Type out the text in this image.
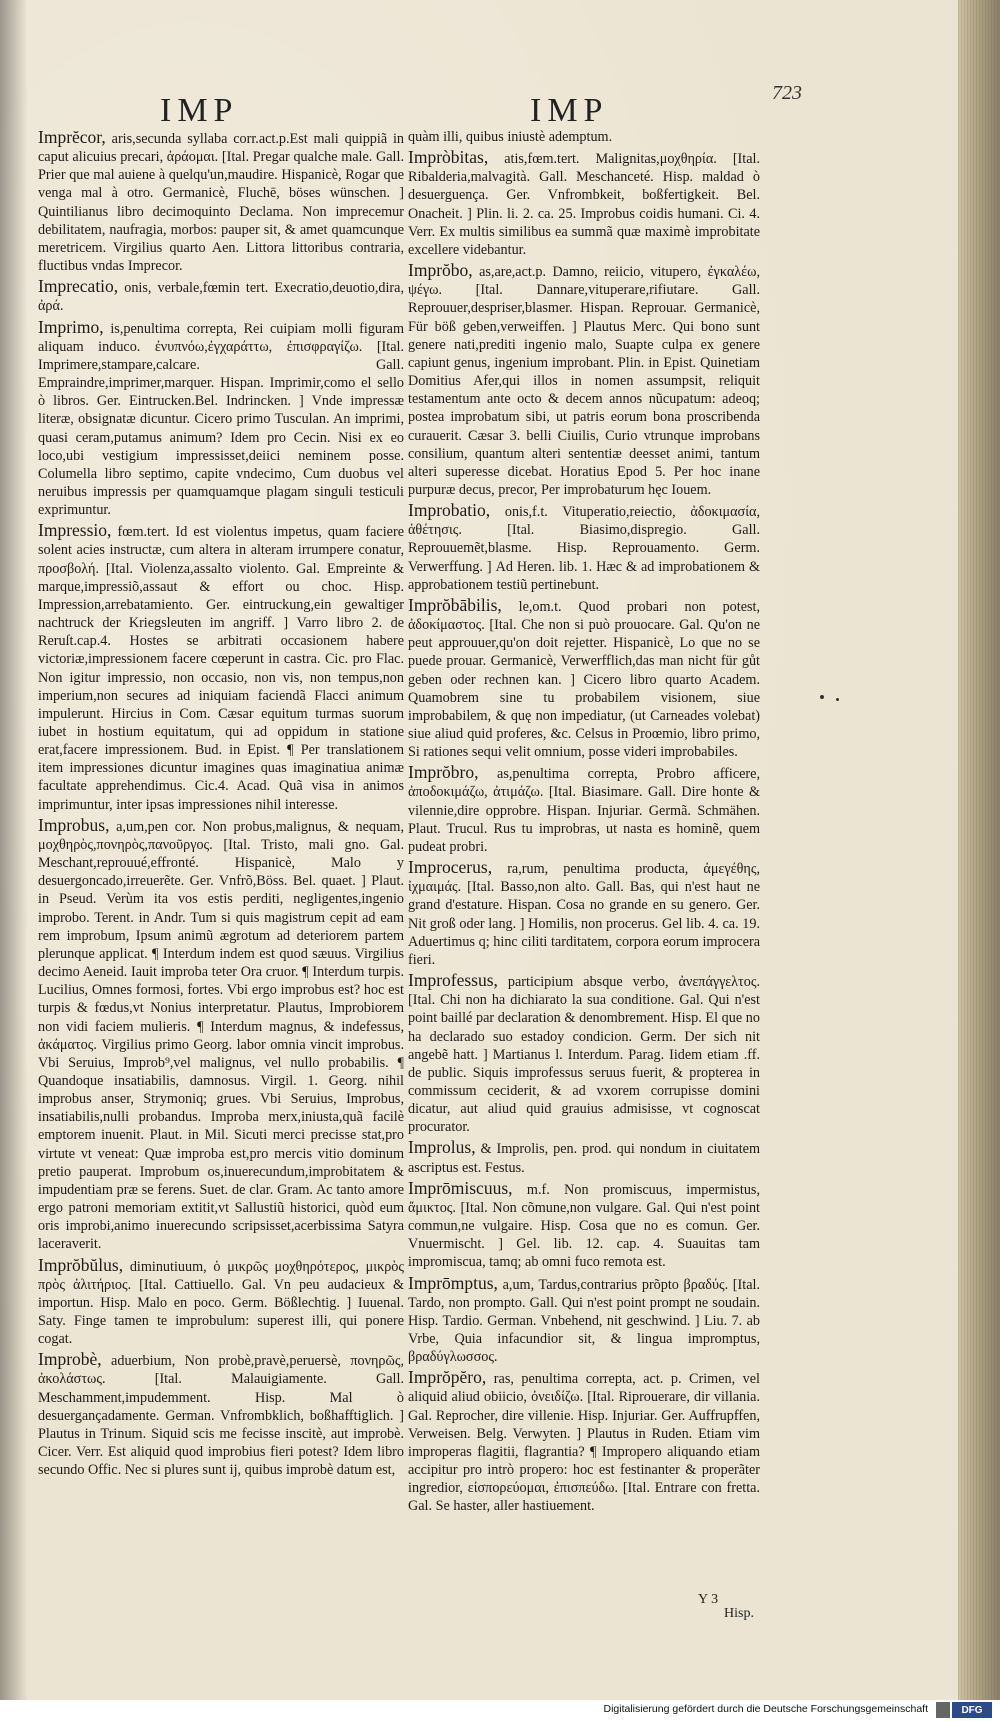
IMP	IMP	723

Imprĕcor, aris,secunda syllaba corr.act.p.Est mali quippiã in caput alicuius precari, ἀράομαι. [Ital. Pregar qualche male. Gall. Prier que mal auiene à quelqu'un,maudire. Hispanicè, Rogar que venga mal à otro. Germanicè, Fluchē, böses wünschen. ] Quintilianus libro decimoquinto Declama. Non imprecemur debilitatem, naufragia, morbos: pauper sit, & amet quamcunque meretricem. Virgilius quarto Aen. Littora littoribus contraria, fluctibus vndas Imprecor.

Imprecatio, onis, verbale,fœmin tert. Execratio,deuotio,dira, ἀρά.

Imprimo, is,penultima correpta, Rei cuipiam molli figuram aliquam induco. ἐνυπνόω,ἐγχαράττω, ἐπισφραγίζω. [Ital. Imprimere,stampare,calcare. Gall. Empraindre,imprimer,marquer. Hispan. Imprimir,como el sello ò libros. Ger. Eintrucken.Bel. Indrincken. ] Vnde impressæ literæ, obsignatæ dicuntur. Cicero primo Tusculan. An imprimi, quasi ceram,putamus animum? Idem pro Cecin. Nisi ex eo loco,ubi vestigium impressisset,deiici neminem posse. Columella libro septimo, capite vndecimo, Cum duobus vel neruibus impressis per quamquamque plagam singuli testiculi exprimuntur.

Impressio, fœm.tert. Id est violentus impetus, quam faciere solent acies instructæ, cum altera in alteram irrumpere conatur, προσβολή. [Ital. Violenza,assalto violento. Gal. Empreinte & marque,impressiõ,assaut & effort ou choc. Hisp. Impression,arrebatamiento. Ger. eintruckung,ein gewaltiger nachtruck der Kriegsleuten im angriff. ] Varro libro 2. de Reruſt.cap.4. Hostes se arbitrati occasionem habere victoriæ,impressionem facere cœperunt in castra. Cic. pro Flac. Non igitur impressio, non occasio, non vis, non tempus,non imperium,non secures ad iniquiam faciendã Flacci animum impulerunt. Hircius in Com. Cæsar equitum turmas suorum iubet in hostium equitatum, qui ad oppidum in statione erat,facere impressionem. Bud. in Epist. ¶ Per translationem item impressiones dicuntur imagines quas imaginatiua animæ facultate apprehendimus. Cic.4. Acad. Quã visa in animos imprimuntur, inter ipsas impressiones nihil interesse.

Improbus, a,um,pen cor. Non probus,malignus, & nequam, μοχθηρὸς,πονηρὸς,πανοῦργος. [Ital. Tristo, mali gno. Gal. Meschant,reprouué,effronté. Hispanicè, Malo y desuergoncado,irreuerẽte. Ger. Vnfrõ,Böss. Bel. quaet. ] Plaut. in Pseud. Verùm ita vos estis perditi, negligentes,ingenio improbo. Terent. in Andr. Tum si quis magistrum cepit ad eam rem improbum, Ipsum animũ ægrotum ad deteriorem partem plerunque applicat. ¶ Interdum indem est quod sæuus. Virgilius decimo Aeneid. Iauit improba teter Ora cruor. ¶ Interdum turpis. Lucilius, Omnes formosi, fortes. Vbi ergo improbus est? hoc est turpis & fœdus,vt Nonius interpretatur. Plautus, Improbiorem non vidi faciem mulieris. ¶ Interdum magnus, & indefessus, ἀκάματος. Virgilius primo Georg. labor omnia vincit improbus. Vbi Seruius, Improb⁹,vel malignus, vel nullo probabilis. ¶ Quandoque insatiabilis, damnosus. Virgil. 1. Georg. nihil improbus anser, Strymoniq; grues. Vbi Seruius, Improbus, insatiabilis,nulli probandus. Improba merx,iniusta,quã facilè emptorem inuenit. Plaut. in Mil. Sicuti merci precisse stat,pro virtute vt veneat: Quæ improba est,pro mercis vitio dominum pretio pauperat. Improbum os,inuerecundum,improbitatem & impudentiam præ se ferens. Suet. de clar. Gram. Ac tanto amore ergo patroni memoriam extitit,vt Sallustiũ historici, quòd eum oris improbi,animo inuerecundo scripsisset,acerbissima Satyra laceraverit.

Imprŏbŭlus, diminutiuum, ὁ μικρῶς μοχθηρότερος, μικρὸς πρὸς ἀλιτήριος. [Ital. Cattiuello. Gal. Vn peu audacieux & importun. Hisp. Malo en poco. Germ. Bößlechtig. ] Iuuenal. Saty. Finge tamen te improbulum: superest illi, qui ponere cogat.

Improbè, aduerbium, Non probè,pravè,peruersè, πονηρῶς, ἀκολάστως. [Ital. Malauigiamente. Gall. Meschamment,impudemment. Hisp. Mal ò desuergançadamente. German. Vnfrombklich, boßhafftiglich. ] Plautus in Trinum. Siquid scis me fecisse inscitè, aut improbè. Cicer. Verr. Est aliquid quod improbius fieri potest? Idem libro secundo Offic. Nec si plures sunt ij, quibus improbè datum est,

quàm illi, quibus iniustè ademptum.

Impròbitas, atis,fœm.tert. Malignitas,μοχθηρία. [Ital. Ribalderia,malvagità. Gall. Meschanceté. Hisp. maldad ò desuerguença. Ger. Vnfrombkeit, boßfertigkeit. Bel. Onacheit. ] Plin. li. 2. ca. 25. Improbus coidis humani. Ci. 4. Verr. Ex multis similibus ea summã quæ maximè improbitate excellere videbantur.

Imprŏbo, as,are,act.p. Damno, reiicio, vitupero, ἐγκαλέω, ψέγω. [Ital. Dannare,vituperare,rifiutare. Gall. Reprouuer,despriser,blasmer. Hispan. Reprouar. Germanicè, Für böß geben,verweiffen. ] Plautus Merc. Qui bono sunt genere nati,prediti ingenio malo, Suapte culpa ex genere capiunt genus, ingenium improbant. Plin. in Epist. Quinetiam Domitius Afer,qui illos in nomen assumpsit, reliquit testamentum ante octo & decem annos nũcupatum: adeoq; postea improbatum sibi, ut patris eorum bona proscribenda curauerit. Cæsar 3. belli Ciuilis, Curio vtrunque improbans consilium, quantum alteri sententiæ deesset animi, tantum alteri superesse dicebat. Horatius Epod 5. Per hoc inane purpuræ decus, precor, Per improbaturum hęc Iouem.

Improbatio, onis,f.t. Vituperatio,reiectio, ἀδοκιμασία, ἀθέτησις. [Ital. Biasimo,dispregio. Gall. Reprouuemẽt,blasme. Hisp. Reprouamento. Germ. Verwerffung. ] Ad Heren. lib. 1. Hæc & ad improbationem & approbationem testiũ pertinebunt.

Imprŏbābilis, le,om.t. Quod probari non potest, ἀδοκίμαστος. [Ital. Che non si può prouocare. Gal. Qu'on ne peut approuuer,qu'on doit rejetter. Hispanicè, Lo que no se puede prouar. Germanicè, Verwerfflich,das man nicht für gůt geben oder rechnen kan. ] Cicero libro quarto Academ. Quamobrem sine tu probabilem visionem, siue improbabilem, & quę non impediatur, (ut Carneades volebat) siue aliud quid proferes, &c. Celsus in Proœmio, libro primo, Si rationes sequi velit omnium, posse videri improbabiles.

Imprŏbro, as,penultima correpta, Probro afficere, ἀποδοκιμάζω, ἀτιμάζω. [Ital. Biasimare. Gall. Dire honte & vilennie,dire opprobre. Hispan. Injuriar. Germã. Schmähen. Plaut. Trucul. Rus tu improbras, ut nasta es hominẽ, quem pudeat probri.

Improcerus, ra,rum, penultima producta, ἀμεγέθης, ἰχμαιμάς. [Ital. Basso,non alto. Gall. Bas, qui n'est haut ne grand d'estature. Hispan. Cosa no grande en su genero. Ger. Nit groß oder lang. ] Homilis, non procerus. Gel lib. 4. ca. 19. Aduertimus q; hinc ciliti tarditatem, corpora eorum improcera fieri.

Improfessus, participium absque verbo, ἀνεπάγγελτος. [Ital. Chi non ha dichiarato la sua conditione. Gal. Qui n'est point baillé par declaration & denombrement. Hisp. El que no ha declarado suo estadoy condicion. Germ. Der sich nit angebẽ hatt. ] Martianus l. Interdum. Parag. Iidem etiam .ff. de public. Siquis improfessus seruus fuerit, & propterea in commissum ceciderit, & ad vxorem corrupisse domini dicatur, aut aliud quid grauius admisisse, vt cognoscat procurator.

Improlus, & Improlis, pen. prod. qui nondum in ciuitatem ascriptus est. Festus.

Imprōmiscuus, m.f. Non promiscuus, impermistus, ἄμικτος. [Ital. Non cõmune,non vulgare. Gal. Qui n'est point commun,ne vulgaire. Hisp. Cosa que no es comun. Ger. Vnuermischt. ] Gel. lib. 12. cap. 4. Suauitas tam impromiscua, tamq; ab omni fuco remota est.

Imprōmptus, a,um, Tardus,contrarius prõpto βραδύς. [Ital. Tardo, non prompto. Gall. Qui n'est point prompt ne soudain. Hisp. Tardio. German. Vnbehend, nit geschwind. ] Liu. 7. ab Vrbe, Quia infacundior sit, & lingua impromptus, βραδύγλωσσος.

Imprŏpĕro, ras, penultima correpta, act. p. Crimen, vel aliquid aliud obiicio, ὀνειδίζω. [Ital. Riprouerare, dir villania. Gal. Reprocher, dire villenie. Hisp. Injuriar. Ger. Auffrupffen, Verweisen. Belg. Verwyten. ] Plautus in Ruden. Etiam vim improperas flagitii, flagrantia? ¶ Impropero aliquando etiam accipitur pro intrò propero: hoc est festinanter & properãter ingredior, εἰσπορεύομαι, ἐπισπεύδω. [Ital. Entrare con fretta. Gal. Se haster, aller hastiuement.

Y 3
Hisp.
Digitalisierung gefördert durch die Deutsche Forschungsgemeinschaft	DFG
